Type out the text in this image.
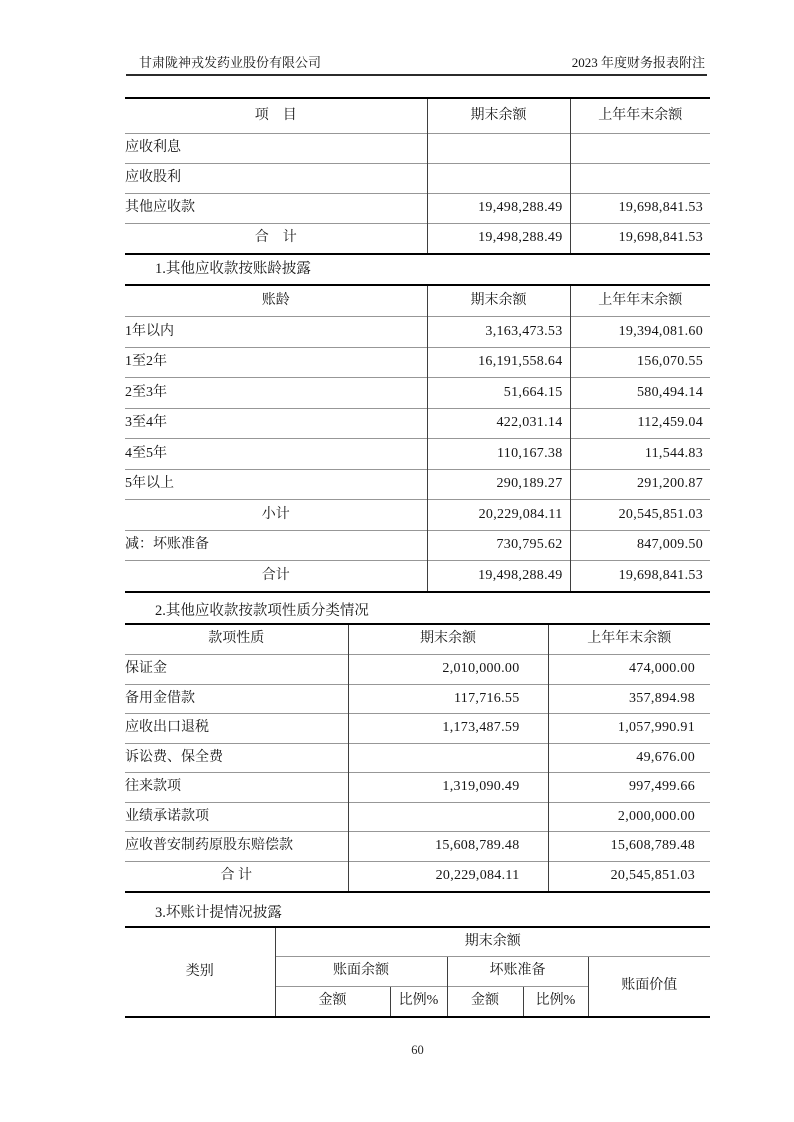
甘肃陇神戎发药业股份有限公司	2023 年度财务报表附注
项　目	期末余额	上年年末余额
应收利息		
应收股利		
其他应收款	19,498,288.49	19,698,841.53
合　计	19,498,288.49	19,698,841.53
1.其他应收款按账龄披露
账龄	期末余额	上年年末余额
1年以内	3,163,473.53	19,394,081.60
1至2年	16,191,558.64	156,070.55
2至3年	51,664.15	580,494.14
3至4年	422,031.14	112,459.04
4至5年	110,167.38	11,544.83
5年以上	290,189.27	291,200.87
小计	20,229,084.11	20,545,851.03
减：坏账准备	730,795.62	847,009.50
合计	19,498,288.49	19,698,841.53
2.其他应收款按款项性质分类情况
款项性质	期末余额	上年年末余额
保证金	2,010,000.00	474,000.00
备用金借款	117,716.55	357,894.98
应收出口退税	1,173,487.59	1,057,990.91
诉讼费、保全费		49,676.00
往来款项	1,319,090.49	997,499.66
业绩承诺款项		2,000,000.00
应收普安制药原股东赔偿款	15,608,789.48	15,608,789.48
合 计	20,229,084.11	20,545,851.03
3.坏账计提情况披露
类别	期末余额				
	账面余额		坏账准备		账面价值
	金额	比例%	金额	比例%	
60
